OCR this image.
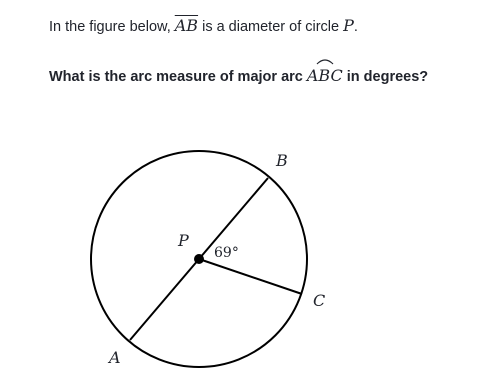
In the figure below, $\overline{AB}$ is a diameter of circle P.
What is the arc measure of major arc
ABC in degrees?
B
C
A
P
69°
